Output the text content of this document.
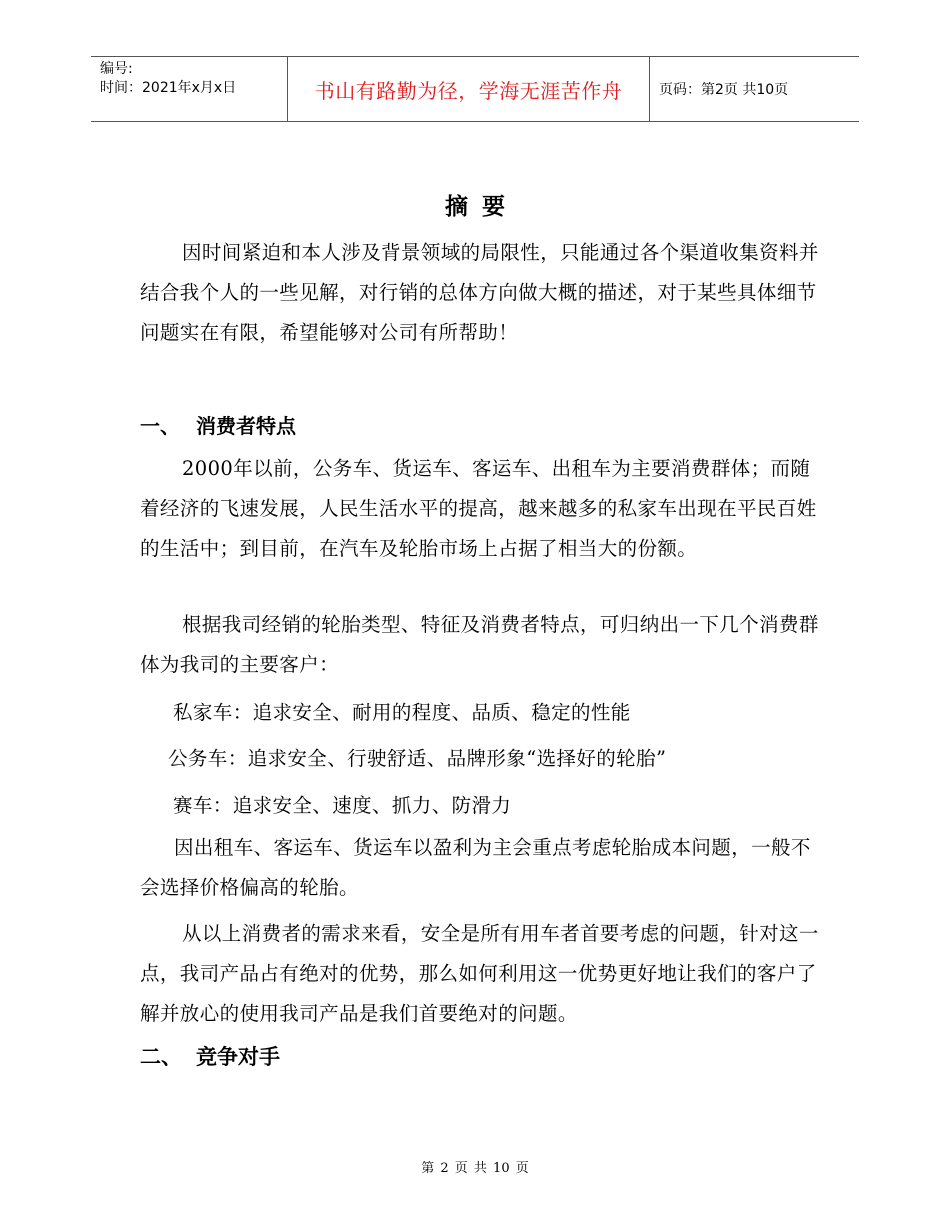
编号:
时间：2021年x月x日	书山有路勤为径，学海无涯苦作舟	页码：第2页 共10页
摘要
因时间紧迫和本人涉及背景领域的局限性，只能通过各个渠道收集资料并结合我个人的一些见解，对行销的总体方向做大概的描述，对于某些具体细节问题实在有限，希望能够对公司有所帮助！
一、 消费者特点
2000年以前，公务车、货运车、客运车、出租车为主要消费群体；而随着经济的飞速发展，人民生活水平的提高，越来越多的私家车出现在平民百姓的生活中；到目前，在汽车及轮胎市场上占据了相当大的份额。
根据我司经销的轮胎类型、特征及消费者特点，可归纳出一下几个消费群体为我司的主要客户：
私家车：追求安全、耐用的程度、品质、稳定的性能
公务车：追求安全、行驶舒适、品牌形象“选择好的轮胎”
赛车：追求安全、速度、抓力、防滑力
因出租车、客运车、货运车以盈利为主会重点考虑轮胎成本问题，一般不会选择价格偏高的轮胎。
从以上消费者的需求来看，安全是所有用车者首要考虑的问题，针对这一点，我司产品占有绝对的优势，那么如何利用这一优势更好地让我们的客户了解并放心的使用我司产品是我们首要绝对的问题。
二、 竞争对手
第 2 页 共 10 页
